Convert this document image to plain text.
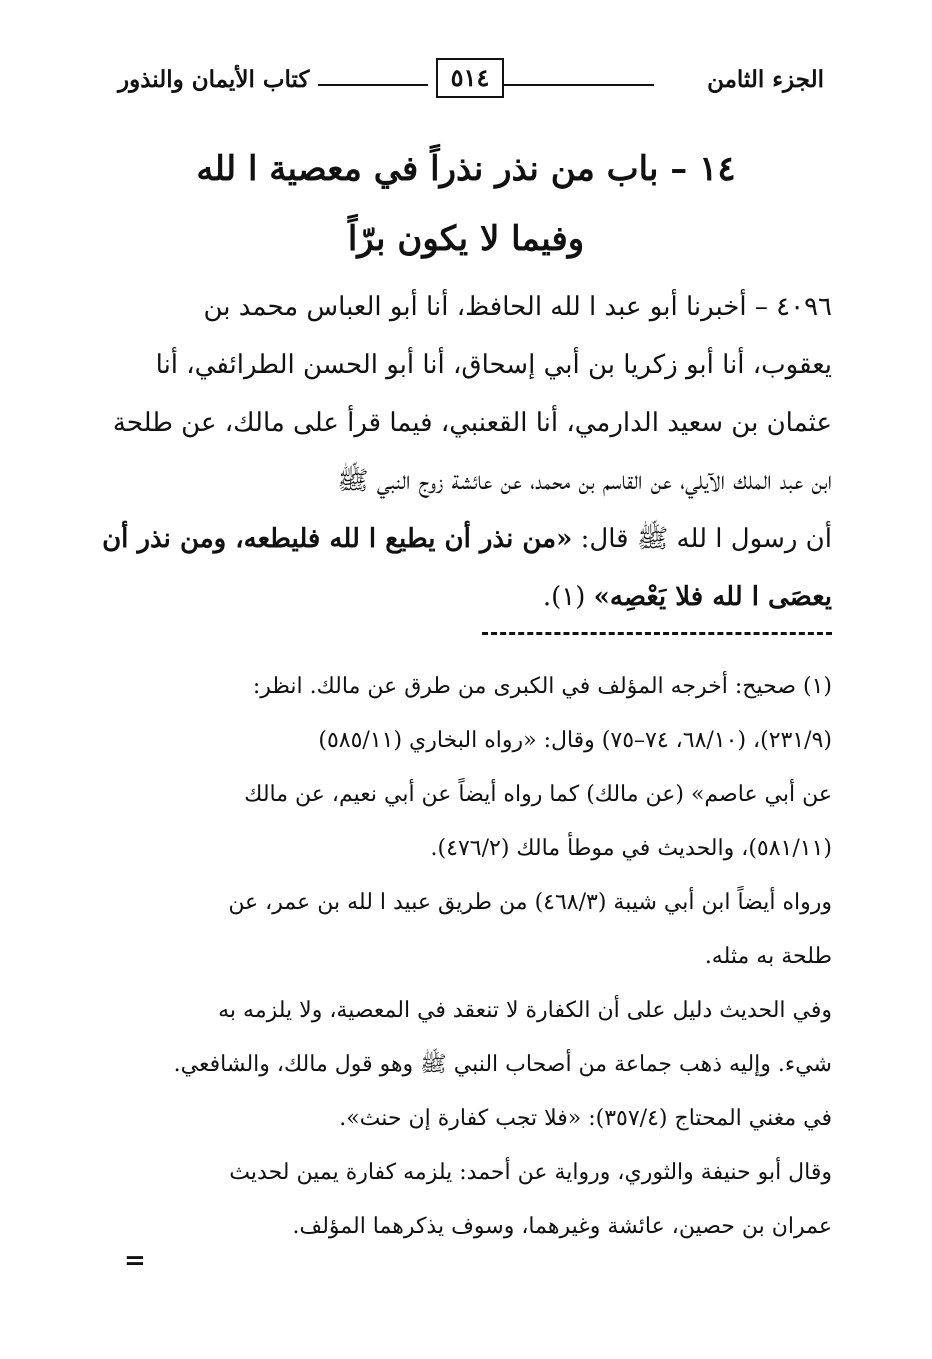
الجزء الثامن
٥١٤
كتاب الأيمان والنذور
١٤ – باب من نذر نذراً في معصية ا لله
وفيما لا يكون برّاً
٤٠٩٦ – أخبرنا أبو عبد ا لله الحافظ، أنا أبو العباس محمد بن
يعقوب، أنا أبو زكريا بن أبي إسحاق، أنا أبو الحسن الطرائفي، أنا
عثمان بن سعيد الدارمي، أنا القعنبي، فيما قرأ على مالك، عن طلحة
ابن عبد الملك الآيلي، عن القاسم بن محمد، عن عائشة زوج النبي ﷺ
أن رسول ا لله ﷺ قال: «من نذر أن يطيع ا لله فليطعه، ومن نذر أن
يعصَى ا لله فلا يَعْصِه» (١).
(١) صحيح: أخرجه المؤلف في الكبرى من طرق عن مالك. انظر:
(٢٣١/٩)، (٦٨/١٠، ٧٤–٧٥) وقال: «رواه البخاري (٥٨٥/١١)
عن أبي عاصم» (عن مالك) كما رواه أيضاً عن أبي نعيم، عن مالك
(٥٨١/١١)، والحديث في موطأ مالك (٤٧٦/٢).
ورواه أيضاً ابن أبي شيبة (٤٦٨/٣) من طريق عبيد ا لله بن عمر، عن
طلحة به مثله.
وفي الحديث دليل على أن الكفارة لا تنعقد في المعصية، ولا يلزمه به
شيء. وإليه ذهب جماعة من أصحاب النبي ﷺ وهو قول مالك، والشافعي.
في مغني المحتاج (٣٥٧/٤): «فلا تجب كفارة إن حنث».
وقال أبو حنيفة والثوري، ورواية عن أحمد: يلزمه كفارة يمين لحديث
عمران بن حصين، عائشة وغيرهما، وسوف يذكرهما المؤلف.
=
